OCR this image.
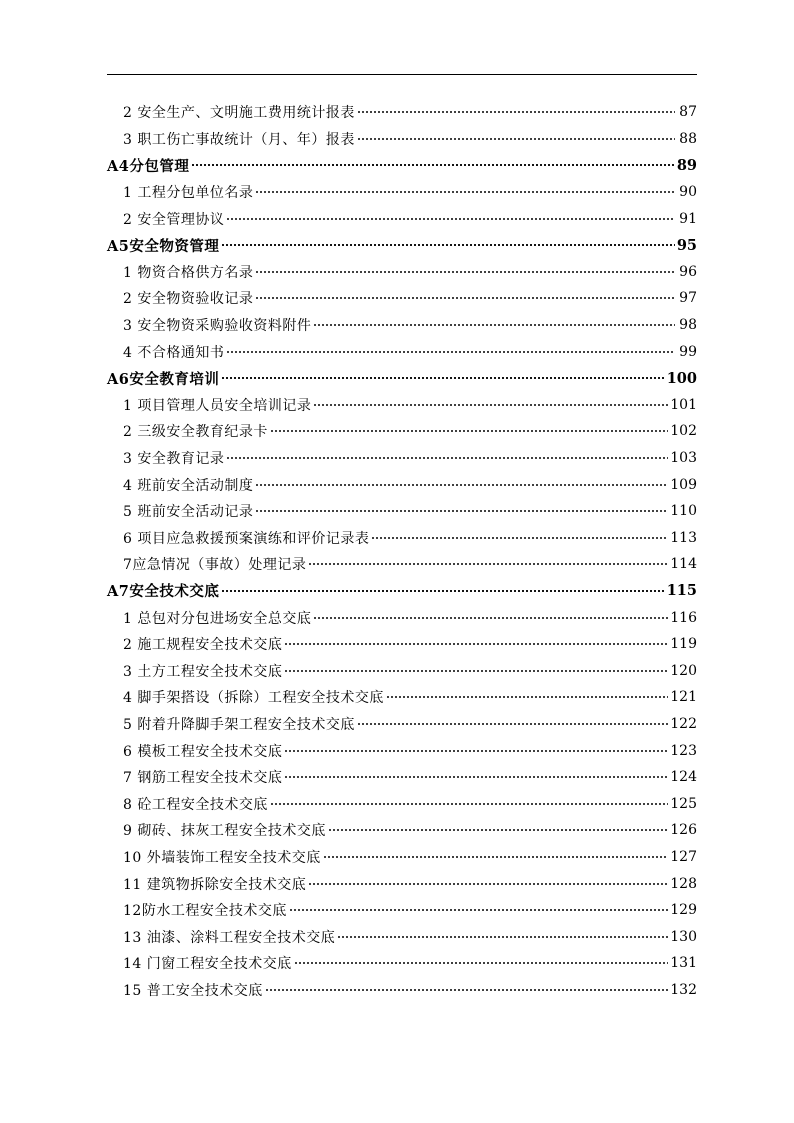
2 安全生产、文明施工费用统计报表	87
3 职工伤亡事故统计（月、年）报表	88
A4分包管理	89
1 工程分包单位名录	90
2 安全管理协议	91
A5安全物资管理	95
1 物资合格供方名录	96
2 安全物资验收记录	97
3 安全物资采购验收资料附件	98
4 不合格通知书	99
A6安全教育培训	100
1 项目管理人员安全培训记录	101
2 三级安全教育纪录卡	102
3 安全教育记录	103
4 班前安全活动制度	109
5 班前安全活动记录	110
6 项目应急救援预案演练和评价记录表	113
7应急情况（事故）处理记录	114
A7安全技术交底	115
1 总包对分包进场安全总交底	116
2 施工规程安全技术交底	119
3 土方工程安全技术交底	120
4 脚手架搭设（拆除）工程安全技术交底	121
5 附着升降脚手架工程安全技术交底	122
6 模板工程安全技术交底	123
7 钢筋工程安全技术交底	124
8 砼工程安全技术交底	125
9 砌砖、抹灰工程安全技术交底	126
10 外墙装饰工程安全技术交底	127
11 建筑物拆除安全技术交底	128
12防水工程安全技术交底	129
13 油漆、涂料工程安全技术交底	130
14 门窗工程安全技术交底	131
15 普工安全技术交底	132
